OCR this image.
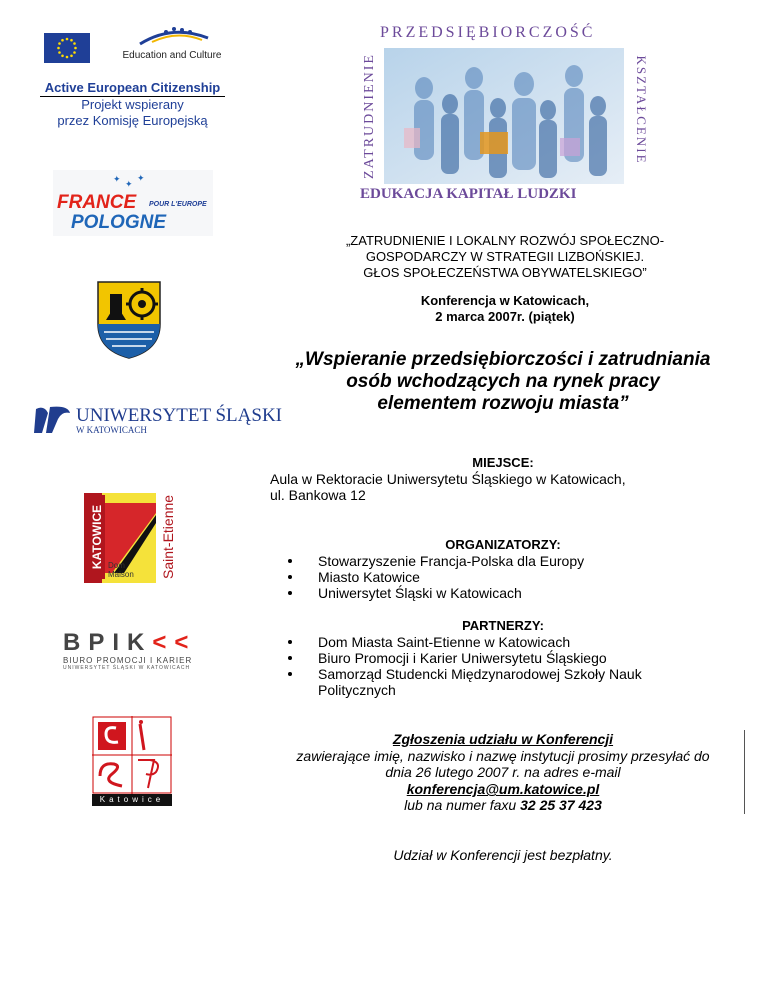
Education and Culture
Active European Citizenship
Projekt wspierany
przez Komisję Europejską
✦ ✦
✦
FRANCE POUR L'EUROPE
POLOGNE
UNIWERSYTET ŚLĄSKI
W KATOWICACH
KATOWICE	Saint-Etienne
Dom
Maison
BPIK<<
BIURO PROMOCJI I KARIER
UNIWERSYTET ŚLĄSKI W KATOWICACH
Katowice
PRZEDSIĘBIORCZOŚĆ
ZATRUDNIENIE	KSZTAŁCENIE
EDUKACJA KAPITAŁ LUDZKI
„ZATRUDNIENIE I LOKALNY ROZWÓJ SPOŁECZNO-
GOSPODARCZY W STRATEGII LIZBOŃSKIEJ.
GŁOS SPOŁECZEŃSTWA OBYWATELSKIEGO”
Konferencja w Katowicach,
2 marca 2007r. (piątek)
„Wspieranie przedsiębiorczości i zatrudniania
osób wchodzących na rynek pracy
elementem rozwoju miasta”
MIEJSCE:
Aula w Rektoracie Uniwersytetu Śląskiego w Katowicach,
ul. Bankowa 12
ORGANIZATORZY:
Stowarzyszenie Francja-Polska dla Europy
Miasto Katowice
Uniwersytet Śląski w Katowicach
PARTNERZY:
Dom Miasta Saint-Etienne w Katowicach
Biuro Promocji i Karier Uniwersytetu Śląskiego
Samorząd Studencki Międzynarodowej Szkoły Nauk Politycznych
Zgłoszenia udziału w Konferencji
zawierające imię, nazwisko i nazwę instytucji prosimy przesyłać do
dnia 26 lutego 2007 r. na adres e-mail
konferencja@um.katowice.pl
lub na numer faxu 32 25 37 423
Udział w Konferencji jest bezpłatny.
